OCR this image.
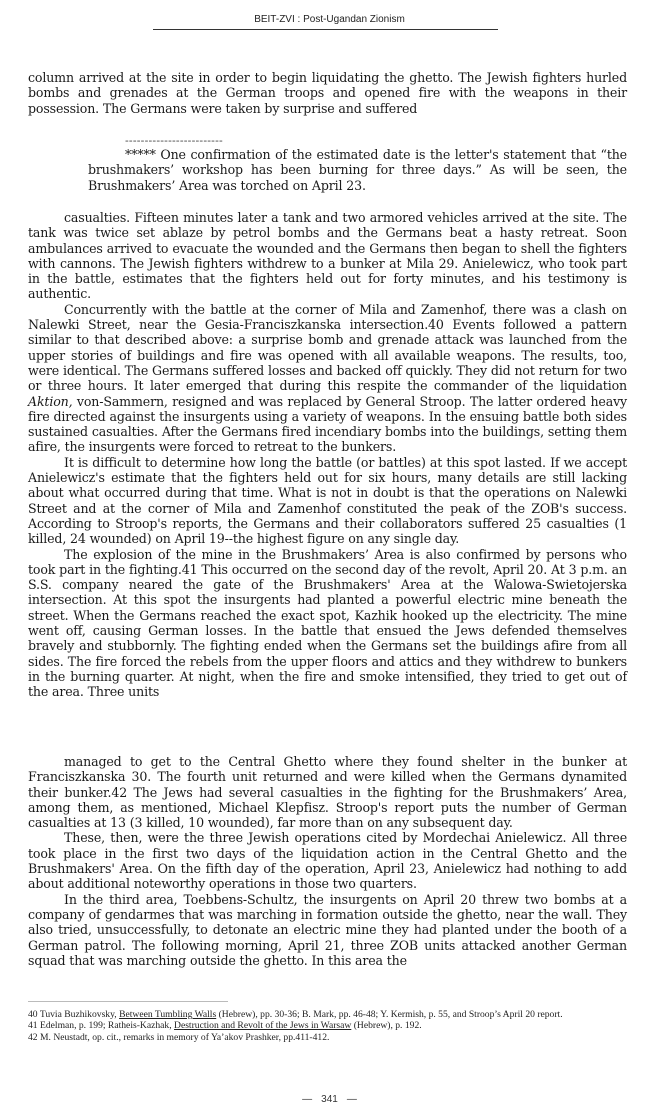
BEIT-ZVI : Post-Ugandan Zionism

column arrived at the site in order to begin liquidating the ghetto. The Jewish fighters hurled bombs and grenades at the German troops and opened fire with the weapons in their possession. The Germans were taken by surprise and suffered

-------------------------

***** One confirmation of the estimated date is the letter's statement that “the brushmakers’ workshop has been burning for three days.” As will be seen, the Brushmakers’ Area was torched on April 23.

casualties. Fifteen minutes later a tank and two armored vehicles arrived at the site. The tank was twice set ablaze by petrol bombs and the Germans beat a hasty retreat. Soon ambulances arrived to evacuate the wounded and the Germans then began to shell the fighters with cannons. The Jewish fighters withdrew to a bunker at Mila 29. Anielewicz, who took part in the battle, estimates that the fighters held out for forty minutes, and his testimony is authentic.

Concurrently with the battle at the corner of Mila and Zamenhof, there was a clash on Nalewki Street, near the Gesia-Franciszkanska intersection.40 Events followed a pattern similar to that described above: a surprise bomb and grenade attack was launched from the upper stories of buildings and fire was opened with all available weapons. The results, too, were identical. The Germans suffered losses and backed off quickly. They did not return for two or three hours. It later emerged that during this respite the commander of the liquidation Aktion, von-Sammern, resigned and was replaced by General Stroop. The latter ordered heavy fire directed against the insurgents using a variety of weapons. In the ensuing battle both sides sustained casualties. After the Germans fired incendiary bombs into the buildings, setting them afire, the insurgents were forced to retreat to the bunkers.

It is difficult to determine how long the battle (or battles) at this spot lasted. If we accept Anielewicz's estimate that the fighters held out for six hours, many details are still lacking about what occurred during that time. What is not in doubt is that the operations on Nalewki Street and at the corner of Mila and Zamenhof constituted the peak of the ZOB's success. According to Stroop's reports, the Germans and their collaborators suffered 25 casualties (1 killed, 24 wounded) on April 19--the highest figure on any single day.

The explosion of the mine in the Brushmakers’ Area is also confirmed by persons who took part in the fighting.41 This occurred on the second day of the revolt, April 20. At 3 p.m. an S.S. company neared the gate of the Brushmakers' Area at the Walowa-Swietojerska intersection. At this spot the insurgents had planted a powerful electric mine beneath the street. When the Germans reached the exact spot, Kazhik hooked up the electricity. The mine went off, causing German losses. In the battle that ensued the Jews defended themselves bravely and stubbornly. The fighting ended when the Germans set the buildings afire from all sides. The fire forced the rebels from the upper floors and attics and they withdrew to bunkers in the burning quarter. At night, when the fire and smoke intensified, they tried to get out of the area. Three units

managed to get to the Central Ghetto where they found shelter in the bunker at Franciszkanska 30. The fourth unit returned and were killed when the Germans dynamited their bunker.42 The Jews had several casualties in the fighting for the Brushmakers’ Area, among them, as mentioned, Michael Klepfisz. Stroop's report puts the number of German casualties at 13 (3 killed, 10 wounded), far more than on any subsequent day.

These, then, were the three Jewish operations cited by Mordechai Anielewicz. All three took place in the first two days of the liquidation action in the Central Ghetto and the Brushmakers' Area. On the fifth day of the operation, April 23, Anielewicz had nothing to add about additional noteworthy operations in those two quarters.

In the third area, Toebbens-Schultz, the insurgents on April 20 threw two bombs at a company of gendarmes that was marching in formation outside the ghetto, near the wall. They also tried, unsuccessfully, to detonate an electric mine they had planted under the booth of a German patrol. The following morning, April 21, three ZOB units attacked another German squad that was marching outside the ghetto. In this area the

40 Tuvia Buzhikovsky, Between Tumbling Walls (Hebrew), pp. 30-36; B. Mark, pp. 46-48; Y. Kermish, p. 55, and Stroop’s April 20 report.

41 Edelman, p. 199; Ratheis-Kazhak, Destruction and Revolt of the Jews in Warsaw (Hebrew), p. 192.

42 M. Neustadt, op. cit., remarks in memory of Ya’akov Prashker, pp.411-412.

— 341 —
